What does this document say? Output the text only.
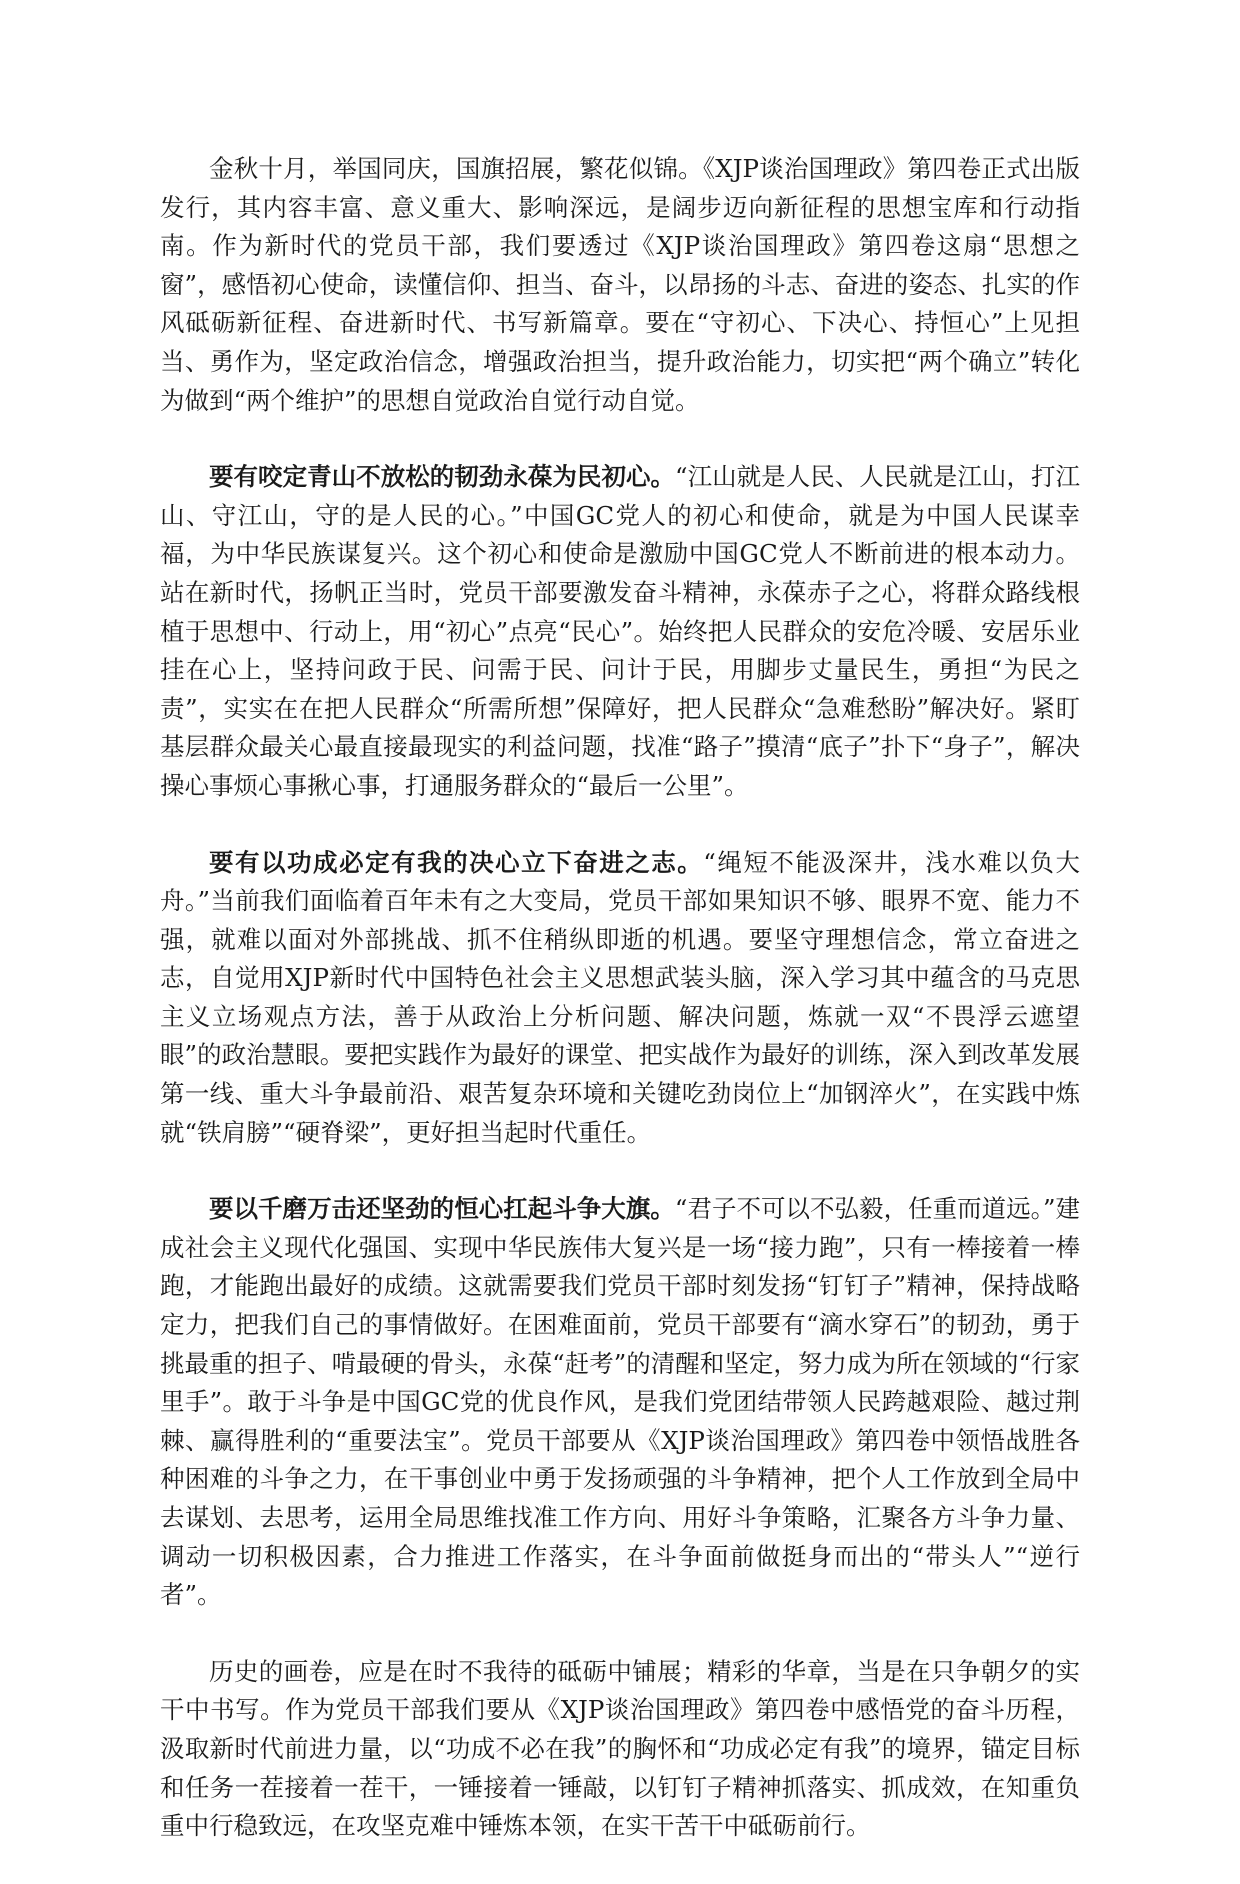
金秋十月，举国同庆，国旗招展，繁花似锦。《XJP谈治国理政》第四卷正式出版发行，其内容丰富、意义重大、影响深远，是阔步迈向新征程的思想宝库和行动指南。作为新时代的党员干部，我们要透过《XJP谈治国理政》第四卷这扇“思想之窗”，感悟初心使命，读懂信仰、担当、奋斗，以昂扬的斗志、奋进的姿态、扎实的作风砥砺新征程、奋进新时代、书写新篇章。要在“守初心、下决心、持恒心”上见担当、勇作为，坚定政治信念，增强政治担当，提升政治能力，切实把“两个确立”转化为做到“两个维护”的思想自觉政治自觉行动自觉。

要有咬定青山不放松的韧劲永葆为民初心。“江山就是人民、人民就是江山，打江山、守江山，守的是人民的心。”中国GC党人的初心和使命，就是为中国人民谋幸福，为中华民族谋复兴。这个初心和使命是激励中国GC党人不断前进的根本动力。站在新时代，扬帆正当时，党员干部要激发奋斗精神，永葆赤子之心，将群众路线根植于思想中、行动上，用“初心”点亮“民心”。始终把人民群众的安危冷暖、安居乐业挂在心上，坚持问政于民、问需于民、问计于民，用脚步丈量民生，勇担“为民之责”，实实在在把人民群众“所需所想”保障好，把人民群众“急难愁盼”解决好。紧盯基层群众最关心最直接最现实的利益问题，找准“路子”摸清“底子”扑下“身子”，解决操心事烦心事揪心事，打通服务群众的“最后一公里”。

要有以功成必定有我的决心立下奋进之志。“绳短不能汲深井，浅水难以负大舟。”当前我们面临着百年未有之大变局，党员干部如果知识不够、眼界不宽、能力不强，就难以面对外部挑战、抓不住稍纵即逝的机遇。要坚守理想信念，常立奋进之志，自觉用XJP新时代中国特色社会主义思想武装头脑，深入学习其中蕴含的马克思主义立场观点方法，善于从政治上分析问题、解决问题，炼就一双“不畏浮云遮望眼”的政治慧眼。要把实践作为最好的课堂、把实战作为最好的训练，深入到改革发展第一线、重大斗争最前沿、艰苦复杂环境和关键吃劲岗位上“加钢淬火”，在实践中炼就“铁肩膀”“硬脊梁”，更好担当起时代重任。

要以千磨万击还坚劲的恒心扛起斗争大旗。“君子不可以不弘毅，任重而道远。”建成社会主义现代化强国、实现中华民族伟大复兴是一场“接力跑”，只有一棒接着一棒跑，才能跑出最好的成绩。这就需要我们党员干部时刻发扬“钉钉子”精神，保持战略定力，把我们自己的事情做好。在困难面前，党员干部要有“滴水穿石”的韧劲，勇于挑最重的担子、啃最硬的骨头，永葆“赶考”的清醒和坚定，努力成为所在领域的“行家里手”。敢于斗争是中国GC党的优良作风，是我们党团结带领人民跨越艰险、越过荆棘、赢得胜利的“重要法宝”。党员干部要从《XJP谈治国理政》第四卷中领悟战胜各种困难的斗争之力，在干事创业中勇于发扬顽强的斗争精神，把个人工作放到全局中去谋划、去思考，运用全局思维找准工作方向、用好斗争策略，汇聚各方斗争力量、调动一切积极因素，合力推进工作落实，在斗争面前做挺身而出的“带头人”“逆行者”。

历史的画卷，应是在时不我待的砥砺中铺展；精彩的华章，当是在只争朝夕的实干中书写。作为党员干部我们要从《XJP谈治国理政》第四卷中感悟党的奋斗历程，汲取新时代前进力量，以“功成不必在我”的胸怀和“功成必定有我”的境界，锚定目标和任务一茬接着一茬干，一锤接着一锤敲，以钉钉子精神抓落实、抓成效，在知重负重中行稳致远，在攻坚克难中锤炼本领，在实干苦干中砥砺前行。
